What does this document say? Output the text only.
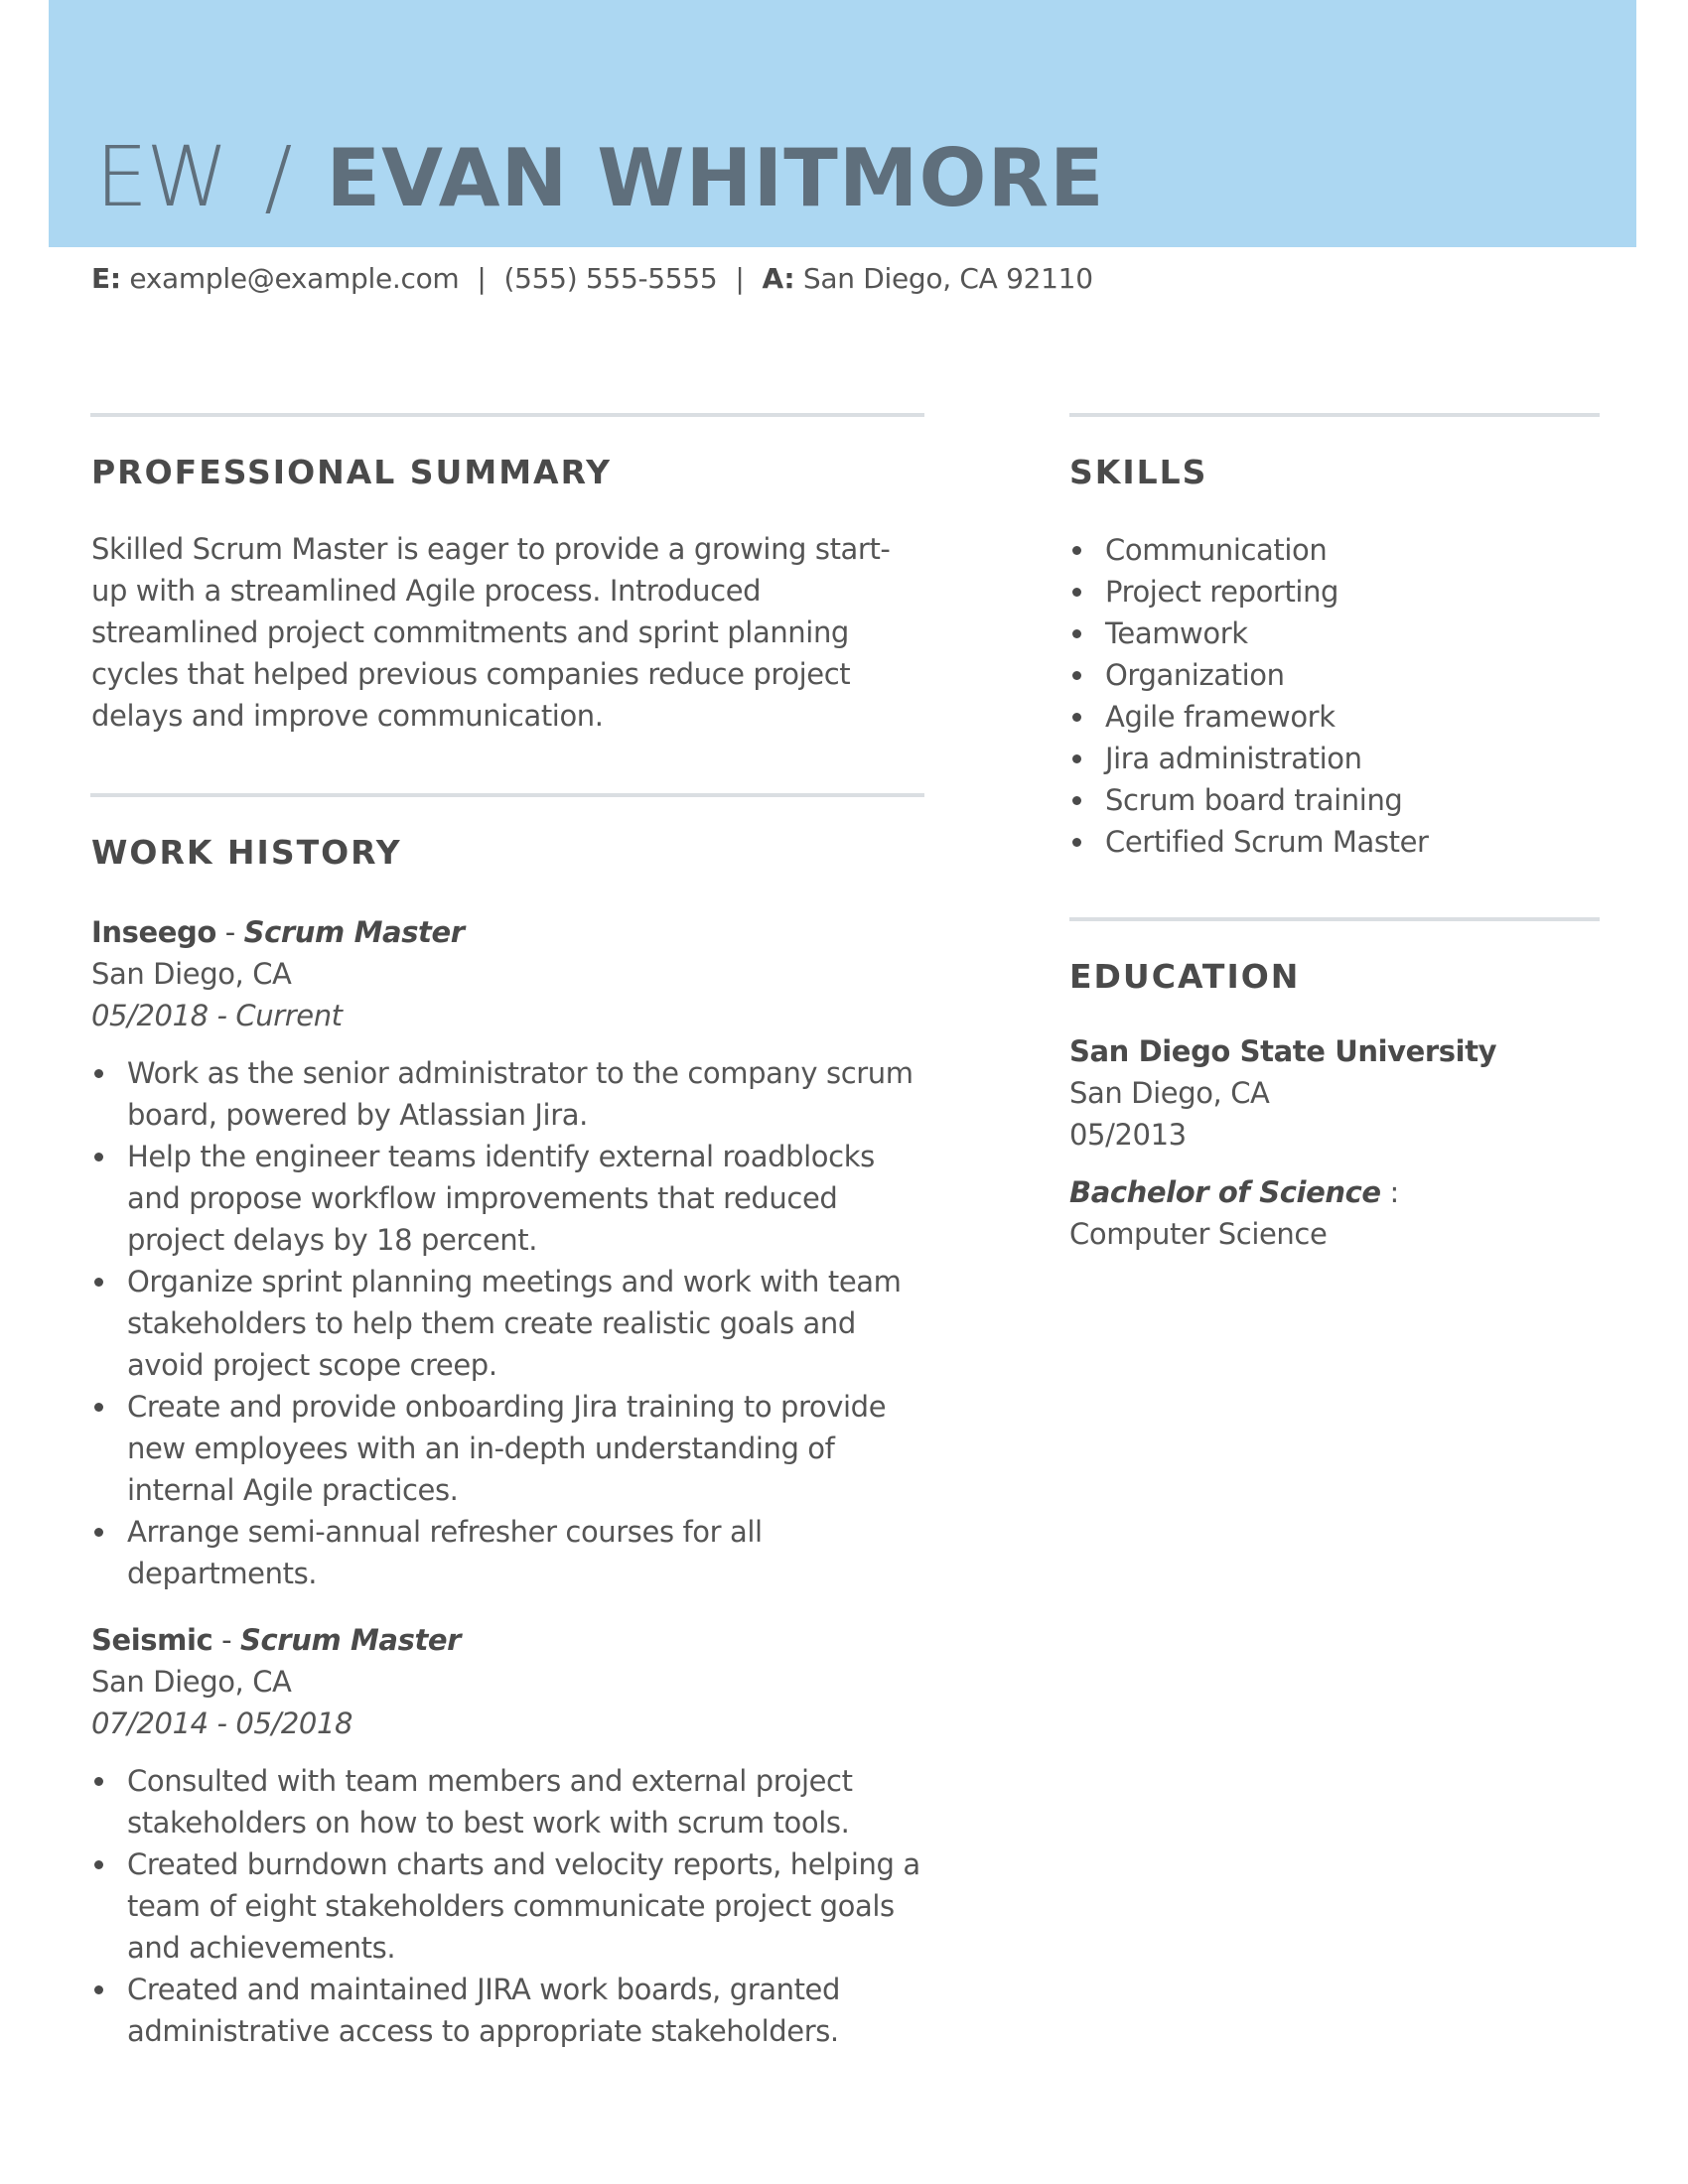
EW / EVAN WHITMORE
E: example@example.com | (555) 555-5555 | A: San Diego, CA 92110
PROFESSIONAL SUMMARY
Skilled Scrum Master is eager to provide a growing start-up with a streamlined Agile process. Introduced streamlined project commitments and sprint planning cycles that helped previous companies reduce project delays and improve communication.
WORK HISTORY
Inseego - Scrum Master
San Diego, CA
05/2018 - Current
Work as the senior administrator to the company scrum board, powered by Atlassian Jira.
Help the engineer teams identify external roadblocks and propose workflow improvements that reduced project delays by 18 percent.
Organize sprint planning meetings and work with team stakeholders to help them create realistic goals and avoid project scope creep.
Create and provide onboarding Jira training to provide new employees with an in-depth understanding of internal Agile practices.
Arrange semi-annual refresher courses for all departments.
Seismic - Scrum Master
San Diego, CA
07/2014 - 05/2018
Consulted with team members and external project stakeholders on how to best work with scrum tools.
Created burndown charts and velocity reports, helping a team of eight stakeholders communicate project goals and achievements.
Created and maintained JIRA work boards, granted administrative access to appropriate stakeholders.
SKILLS
Communication
Project reporting
Teamwork
Organization
Agile framework
Jira administration
Scrum board training
Certified Scrum Master
EDUCATION
San Diego State University
San Diego, CA
05/2013
Bachelor of Science :
Computer Science
